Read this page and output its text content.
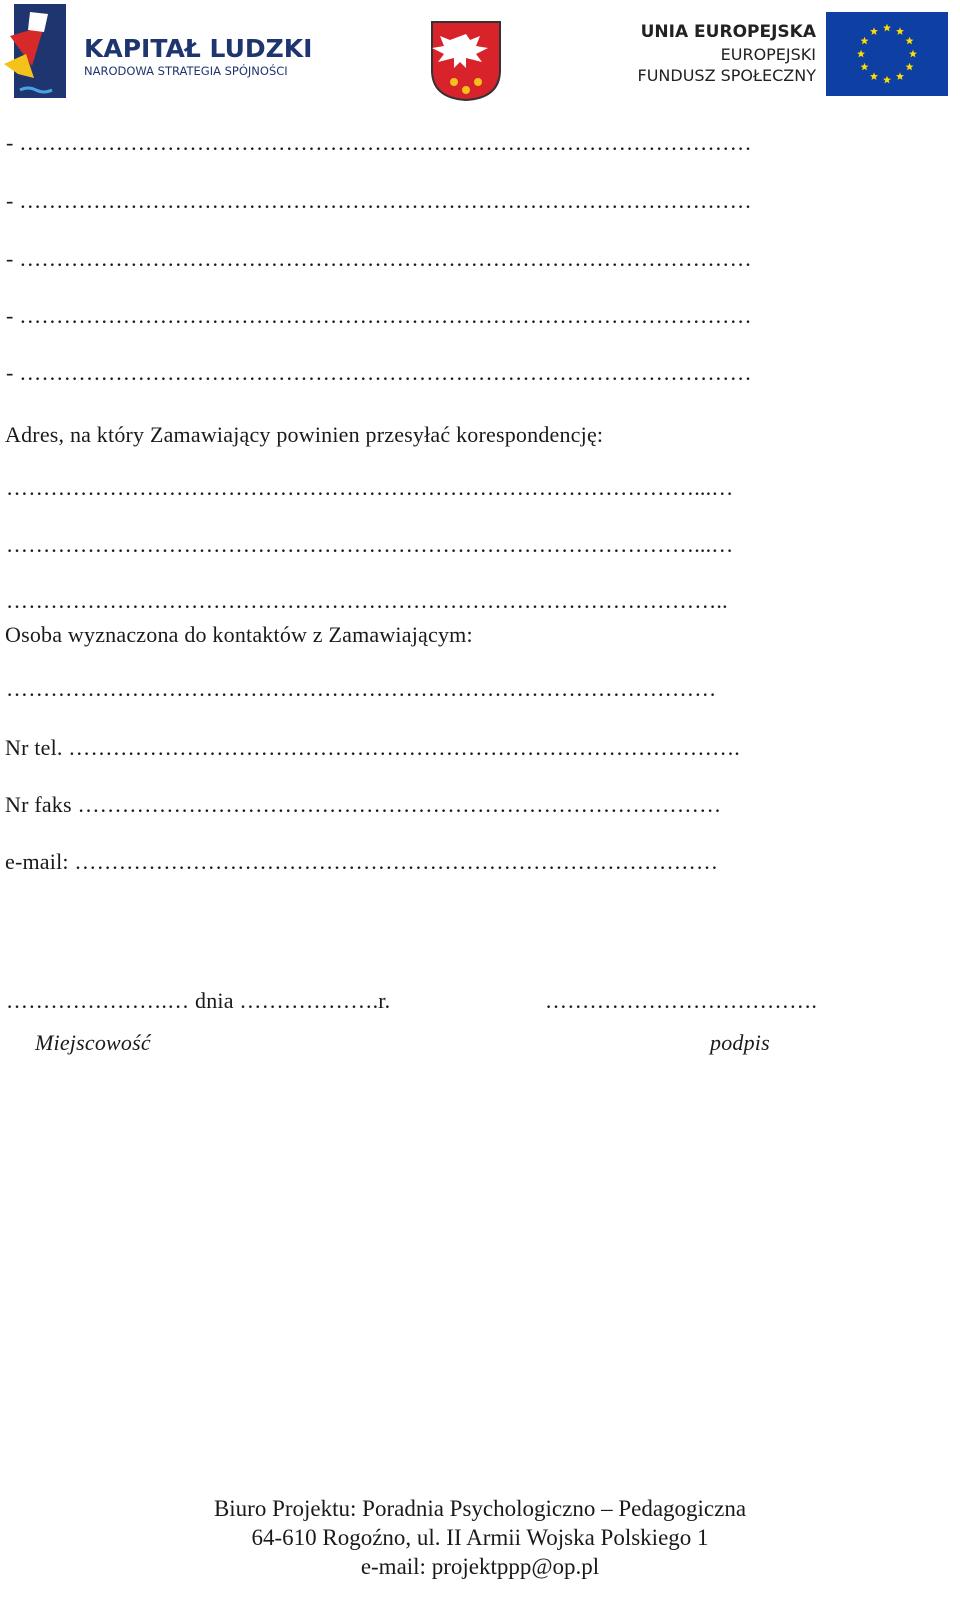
KAPITAŁ LUDZKI
NARODOWA STRATEGIA SPÓJNOŚCI
UNIA EUROPEJSKA
EUROPEJSKI
FUNDUSZ SPOŁECZNY
- ………………………………………………………………………………………
- ………………………………………………………………………………………
- ………………………………………………………………………………………
- ………………………………………………………………………………………
- ………………………………………………………………………………………
Adres, na który Zamawiający powinien przesyłać korespondencję:
…………………………………………………………………………………...…
…………………………………………………………………………………...…
……………………………………………………………………………………..
Osoba wyznaczona do kontaktów z Zamawiającym:
……………………………………………………………………………………
Nr tel. ……………………………………………………………………………….
Nr faks ……………………………………………………………………………
e-mail: ……………………………………………………………………………
………………….… dnia ……………….r.	……………………………….
Miejscowość	podpis
Biuro Projektu: Poradnia Psychologiczno – Pedagogiczna
64-610 Rogoźno, ul. II Armii Wojska Polskiego 1
e-mail: projektppp@op.pl
